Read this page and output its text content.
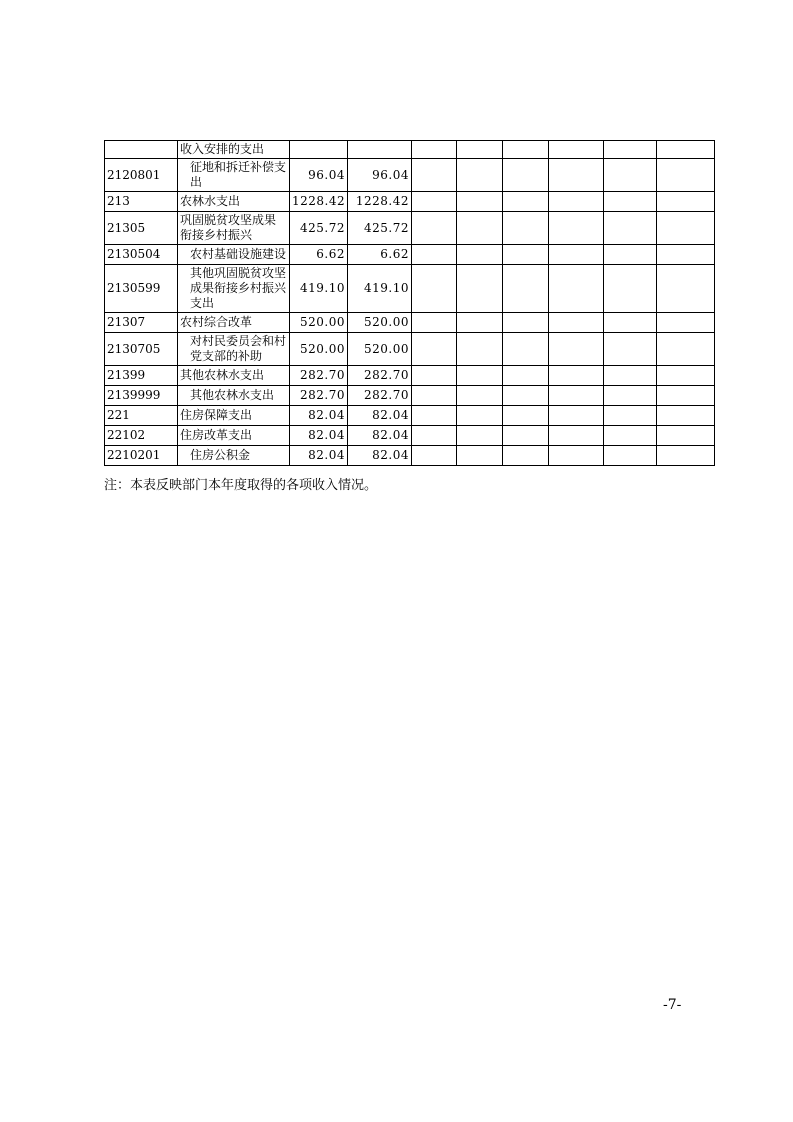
	收入安排的支出								
2120801	征地和拆迁补偿支出	96.04	96.04						
213	农林水支出	1228.42	1228.42						
21305	巩固脱贫攻坚成果衔接乡村振兴	425.72	425.72						
2130504	农村基础设施建设	6.62	6.62						
2130599	其他巩固脱贫攻坚成果衔接乡村振兴支出	419.10	419.10						
21307	农村综合改革	520.00	520.00						
2130705	对村民委员会和村党支部的补助	520.00	520.00						
21399	其他农林水支出	282.70	282.70						
2139999	其他农林水支出	282.70	282.70						
221	住房保障支出	82.04	82.04						
22102	住房改革支出	82.04	82.04						
2210201	住房公积金	82.04	82.04						
注：本表反映部门本年度取得的各项收入情况。
-7-
